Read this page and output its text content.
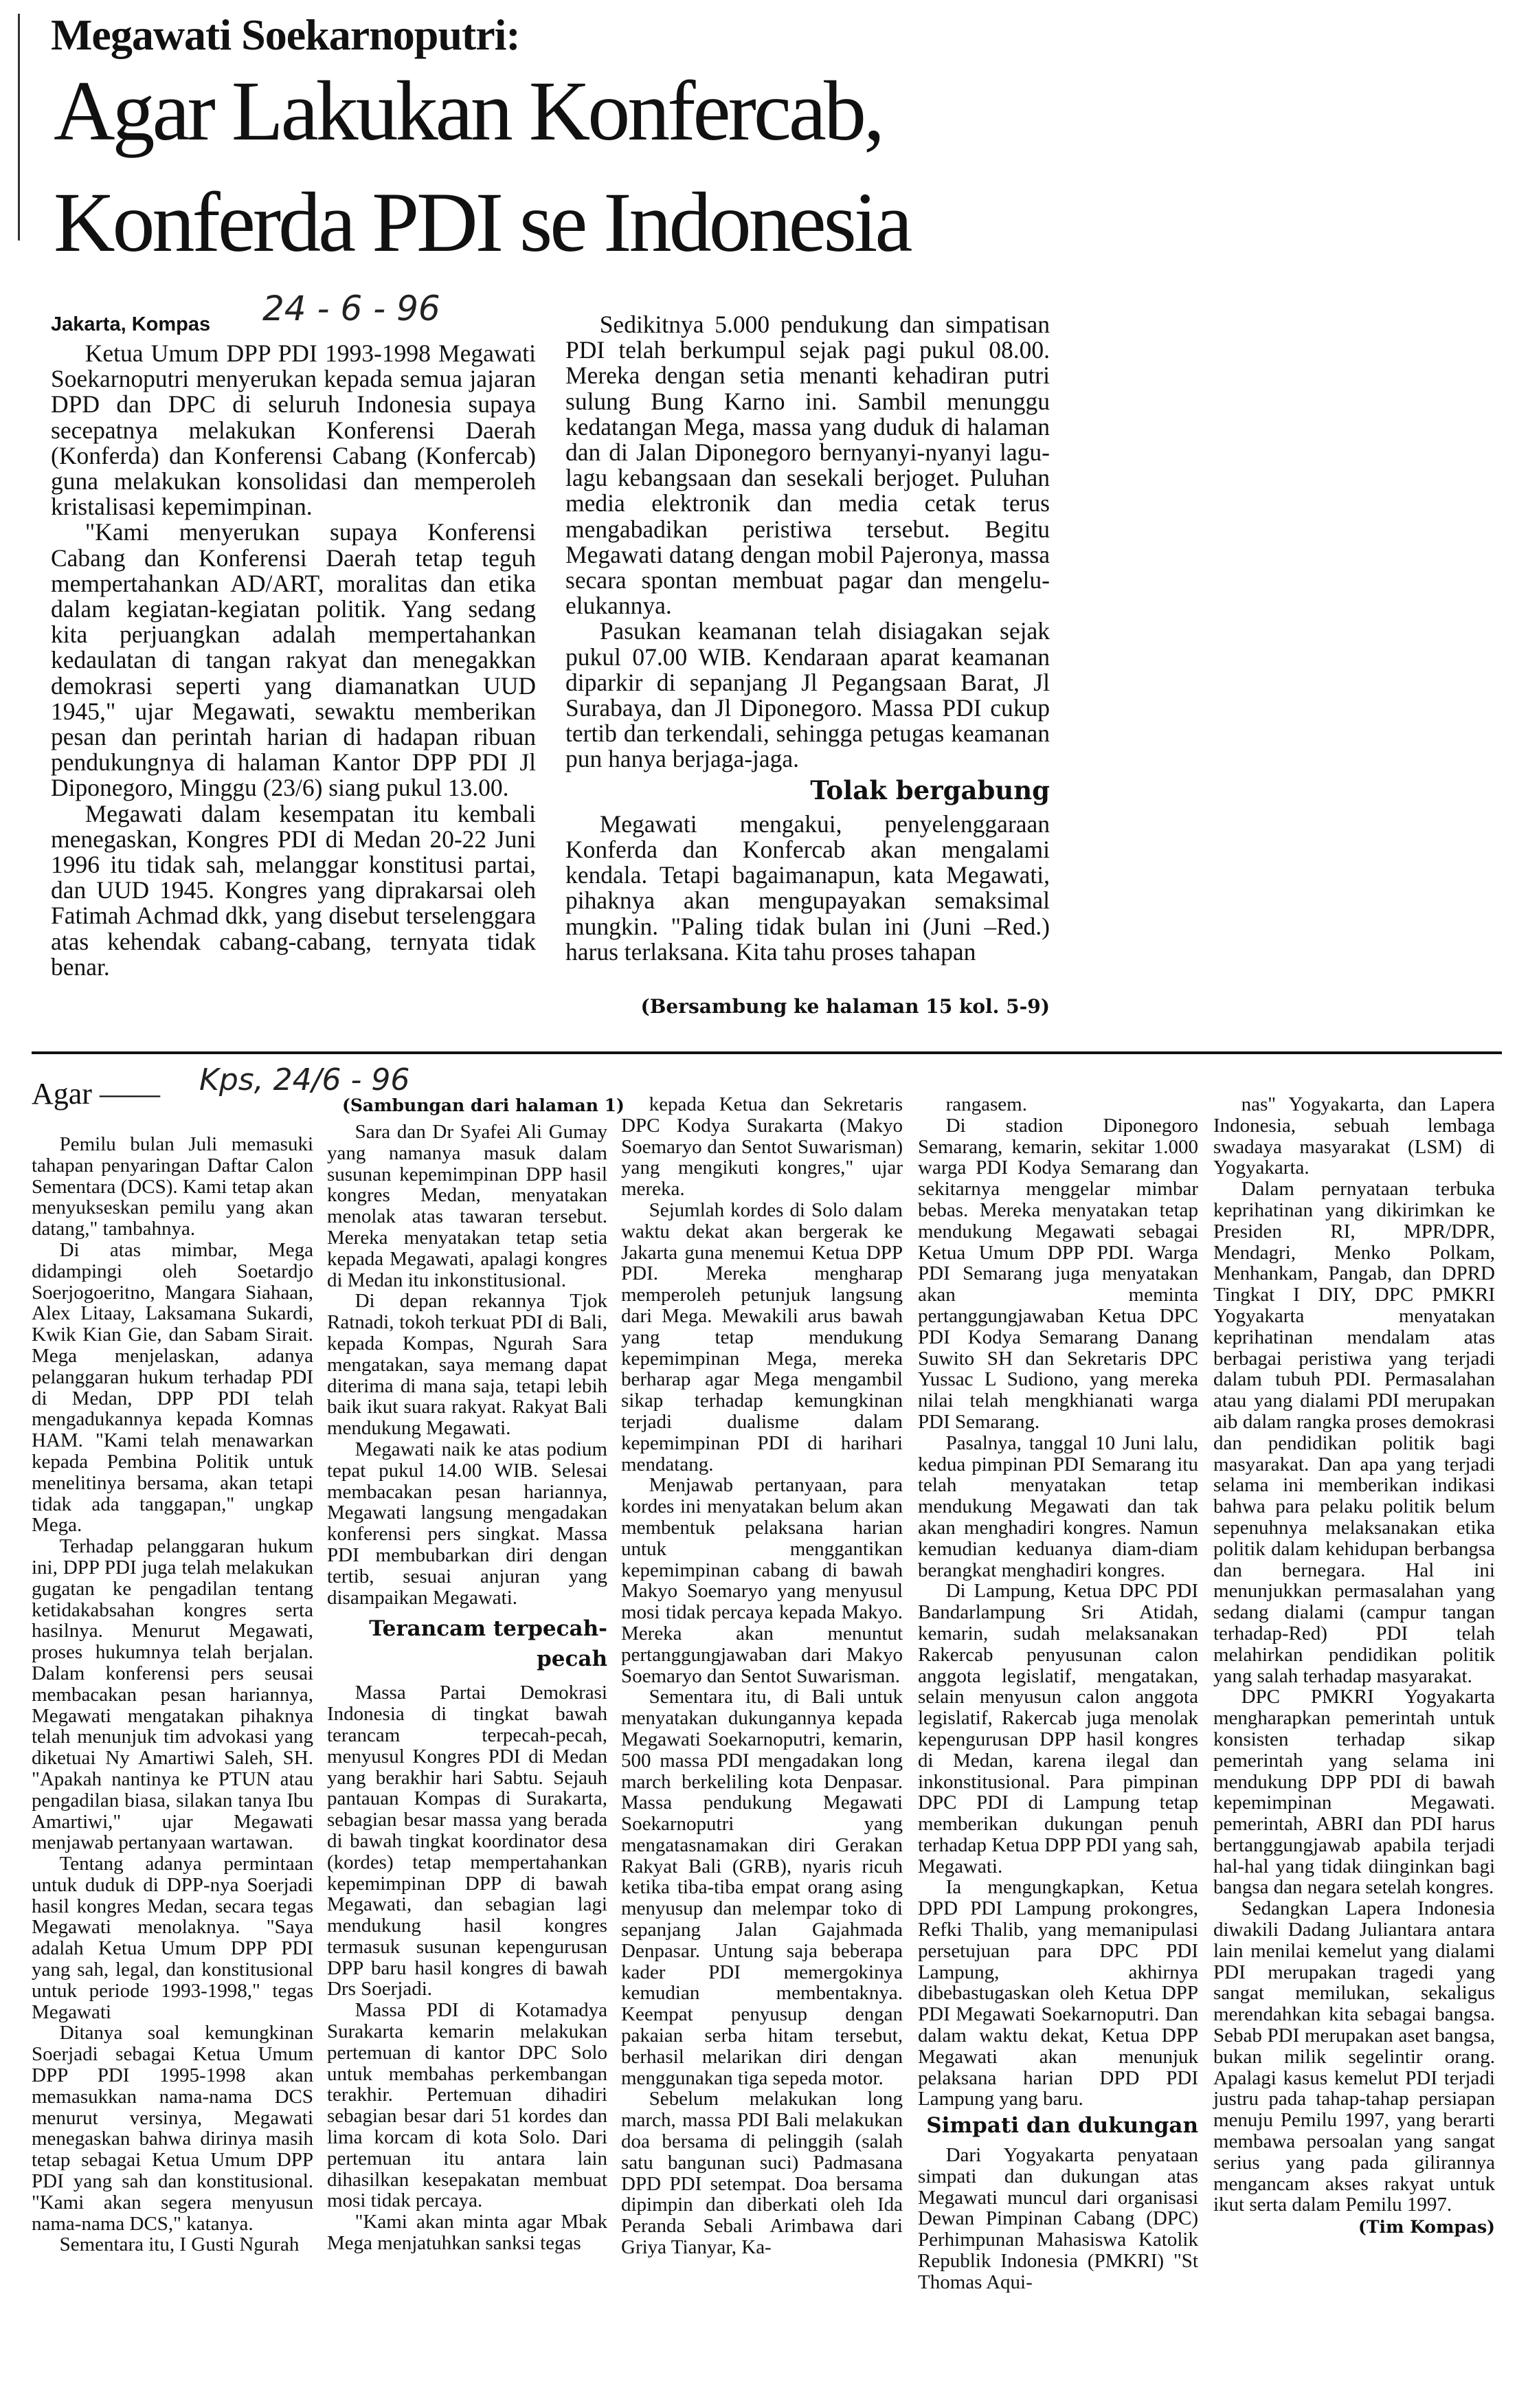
Megawati Soekarnoputri:
Agar Lakukan Konfercab,
Konferda PDI se Indonesia
Jakarta, Kompas 24 - 6 - 96

Ketua Umum DPP PDI 1993-1998 Megawati Soekarnoputri menyerukan kepada semua jajaran DPD dan DPC di seluruh Indonesia supaya secepatnya melakukan Konferensi Daerah (Konferda) dan Konferensi Cabang (Konfercab) guna melakukan konsolidasi dan memperoleh kristalisasi kepemimpinan.

"Kami menyerukan supaya Konferensi Cabang dan Konferensi Daerah tetap teguh mempertahankan AD/ART, moralitas dan etika dalam kegiatan-kegiatan politik. Yang sedang kita perjuangkan adalah mempertahankan kedaulatan di tangan rakyat dan menegakkan demokrasi seperti yang diamanatkan UUD 1945," ujar Megawati, sewaktu memberikan pesan dan perintah harian di hadapan ribuan pendukungnya di halaman Kantor DPP PDI Jl Diponegoro, Minggu (23/6) siang pukul 13.00.

Megawati dalam kesempatan itu kembali menegaskan, Kongres PDI di Medan 20-22 Juni 1996 itu tidak sah, melanggar konstitusi partai, dan UUD 1945. Kongres yang diprakarsai oleh Fatimah Achmad dkk, yang disebut terselenggara atas kehendak cabang-cabang, ternyata tidak benar.

Sedikitnya 5.000 pendukung dan simpatisan PDI telah berkumpul sejak pagi pukul 08.00. Mereka dengan setia menanti kehadiran putri sulung Bung Karno ini. Sambil menunggu kedatangan Mega, massa yang duduk di halaman dan di Jalan Diponegoro bernyanyi-nyanyi lagu-lagu kebangsaan dan sesekali berjoget. Puluhan media elektronik dan media cetak terus mengabadikan peristiwa tersebut. Begitu Megawati datang dengan mobil Pajeronya, massa secara spontan membuat pagar dan mengelu-elukannya.

Pasukan keamanan telah disiagakan sejak pukul 07.00 WIB. Kendaraan aparat keamanan diparkir di sepanjang Jl Pegangsaan Barat, Jl Surabaya, dan Jl Diponegoro. Massa PDI cukup tertib dan terkendali, sehingga petugas keamanan pun hanya berjaga-jaga.

Tolak bergabung

Megawati mengakui, penyelenggaraan Konferda dan Konfercab akan mengalami kendala. Tetapi bagaimanapun, kata Megawati, pihaknya akan mengupayakan semaksimal mungkin. "Paling tidak bulan ini (Juni –Red.) harus terlaksana. Kita tahu proses tahapan

(Bersambung ke halaman 15 kol. 5-9)
Agar —— Kps, 24/6 - 96
(Sambungan dari halaman 1)

Pemilu bulan Juli memasuki tahapan penyaringan Daftar Calon Sementara (DCS). Kami tetap akan menyukseskan pemilu yang akan datang," tambahnya.

Di atas mimbar, Mega didampingi oleh Soetardjo Soerjogoeritno, Mangara Siahaan, Alex Litaay, Laksamana Sukardi, Kwik Kian Gie, dan Sabam Sirait. Mega menjelaskan, adanya pelanggaran hukum terhadap PDI di Medan, DPP PDI telah mengadukannya kepada Komnas HAM. "Kami telah menawarkan kepada Pembina Politik untuk menelitinya bersama, akan tetapi tidak ada tanggapan," ungkap Mega.

Terhadap pelanggaran hukum ini, DPP PDI juga telah melakukan gugatan ke pengadilan tentang ketidakabsahan kongres serta hasilnya. Menurut Megawati, proses hukumnya telah berjalan. Dalam konferensi pers seusai membacakan pesan hariannya, Megawati mengatakan pihaknya telah menunjuk tim advokasi yang diketuai Ny Amartiwi Saleh, SH. "Apakah nantinya ke PTUN atau pengadilan biasa, silakan tanya Ibu Amartiwi," ujar Megawati menjawab pertanyaan wartawan.

Tentang adanya permintaan untuk duduk di DPP-nya Soerjadi hasil kongres Medan, secara tegas Megawati menolaknya. "Saya adalah Ketua Umum DPP PDI yang sah, legal, dan konstitusional untuk periode 1993-1998," tegas Megawati

Ditanya soal kemungkinan Soerjadi sebagai Ketua Umum DPP PDI 1995-1998 akan memasukkan nama-nama DCS menurut versinya, Megawati menegaskan bahwa dirinya masih tetap sebagai Ketua Umum DPP PDI yang sah dan konstitusional. "Kami akan segera menyusun nama-nama DCS," katanya.

Sementara itu, I Gusti Ngurah

Sara dan Dr Syafei Ali Gumay yang namanya masuk dalam susunan kepemimpinan DPP hasil kongres Medan, menyatakan menolak atas tawaran tersebut. Mereka menyatakan tetap setia kepada Megawati, apalagi kongres di Medan itu inkonstitusional.

Di depan rekannya Tjok Ratnadi, tokoh terkuat PDI di Bali, kepada Kompas, Ngurah Sara mengatakan, saya memang dapat diterima di mana saja, tetapi lebih baik ikut suara rakyat. Rakyat Bali mendukung Megawati.

Megawati naik ke atas podium tepat pukul 14.00 WIB. Selesai membacakan pesan hariannya, Megawati langsung mengadakan konferensi pers singkat. Massa PDI membubarkan diri dengan tertib, sesuai anjuran yang disampaikan Megawati.

Terancam terpecah-pecah

Massa Partai Demokrasi Indonesia di tingkat bawah terancam terpecah-pecah, menyusul Kongres PDI di Medan yang berakhir hari Sabtu. Sejauh pantauan Kompas di Surakarta, sebagian besar massa yang berada di bawah tingkat koordinator desa (kordes) tetap mempertahankan kepemimpinan DPP di bawah Megawati, dan sebagian lagi mendukung hasil kongres termasuk susunan kepengurusan DPP baru hasil kongres di bawah Drs Soerjadi.

Massa PDI di Kotamadya Surakarta kemarin melakukan pertemuan di kantor DPC Solo untuk membahas perkembangan terakhir. Pertemuan dihadiri sebagian besar dari 51 kordes dan lima korcam di kota Solo. Dari pertemuan itu antara lain dihasilkan kesepakatan membuat mosi tidak percaya.

"Kami akan minta agar Mbak Mega menjatuhkan sanksi tegas

kepada Ketua dan Sekretaris DPC Kodya Surakarta (Makyo Soemaryo dan Sentot Suwarisman) yang mengikuti kongres," ujar mereka.

Sejumlah kordes di Solo dalam waktu dekat akan bergerak ke Jakarta guna menemui Ketua DPP PDI. Mereka mengharap memperoleh petunjuk langsung dari Mega. Mewakili arus bawah yang tetap mendukung kepemimpinan Mega, mereka berharap agar Mega mengambil sikap terhadap kemungkinan terjadi dualisme dalam kepemimpinan PDI di harihari mendatang.

Menjawab pertanyaan, para kordes ini menyatakan belum akan membentuk pelaksana harian untuk menggantikan kepemimpinan cabang di bawah Makyo Soemaryo yang menyusul mosi tidak percaya kepada Makyo. Mereka akan menuntut pertanggungjawaban dari Makyo Soemaryo dan Sentot Suwarisman.

Sementara itu, di Bali untuk menyatakan dukungannya kepada Megawati Soekarnoputri, kemarin, 500 massa PDI mengadakan long march berkeliling kota Denpasar. Massa pendukung Megawati Soekarnoputri yang mengatasnamakan diri Gerakan Rakyat Bali (GRB), nyaris ricuh ketika tiba-tiba empat orang asing menyusup dan melempar toko di sepanjang Jalan Gajahmada Denpasar. Untung saja beberapa kader PDI memergokinya kemudian membentaknya. Keempat penyusup dengan pakaian serba hitam tersebut, berhasil melarikan diri dengan menggunakan tiga sepeda motor.

Sebelum melakukan long march, massa PDI Bali melakukan doa bersama di pelinggih (salah satu bangunan suci) Padmasana DPD PDI setempat. Doa bersama dipimpin dan diberkati oleh Ida Peranda Sebali Arimbawa dari Griya Tianyar, Ka-

rangasem.

Di stadion Diponegoro Semarang, kemarin, sekitar 1.000 warga PDI Kodya Semarang dan sekitarnya menggelar mimbar bebas. Mereka menyatakan tetap mendukung Megawati sebagai Ketua Umum DPP PDI. Warga PDI Semarang juga menyatakan akan meminta pertanggungjawaban Ketua DPC PDI Kodya Semarang Danang Suwito SH dan Sekretaris DPC Yussac L Sudiono, yang mereka nilai telah mengkhianati warga PDI Semarang.

Pasalnya, tanggal 10 Juni lalu, kedua pimpinan PDI Semarang itu telah menyatakan tetap mendukung Megawati dan tak akan menghadiri kongres. Namun kemudian keduanya diam-diam berangkat menghadiri kongres.

Di Lampung, Ketua DPC PDI Bandarlampung Sri Atidah, kemarin, sudah melaksanakan Rakercab penyusunan calon anggota legislatif, mengatakan, selain menyusun calon anggota legislatif, Rakercab juga menolak kepengurusan DPP hasil kongres di Medan, karena ilegal dan inkonstitusional. Para pimpinan DPC PDI di Lampung tetap memberikan dukungan penuh terhadap Ketua DPP PDI yang sah, Megawati.

Ia mengungkapkan, Ketua DPD PDI Lampung prokongres, Refki Thalib, yang memanipulasi persetujuan para DPC PDI Lampung, akhirnya dibebastugaskan oleh Ketua DPP PDI Megawati Soekarnoputri. Dan dalam waktu dekat, Ketua DPP Megawati akan menunjuk pelaksana harian DPD PDI Lampung yang baru.

Simpati dan dukungan

Dari Yogyakarta penyataan simpati dan dukungan atas Megawati muncul dari organisasi Dewan Pimpinan Cabang (DPC) Perhimpunan Mahasiswa Katolik Republik Indonesia (PMKRI) "St Thomas Aqui-

nas" Yogyakarta, dan Lapera Indonesia, sebuah lembaga swadaya masyarakat (LSM) di Yogyakarta.

Dalam pernyataan terbuka keprihatinan yang dikirimkan ke Presiden RI, MPR/DPR, Mendagri, Menko Polkam, Menhankam, Pangab, dan DPRD Tingkat I DIY, DPC PMKRI Yogyakarta menyatakan keprihatinan mendalam atas berbagai peristiwa yang terjadi dalam tubuh PDI. Permasalahan atau yang dialami PDI merupakan aib dalam rangka proses demokrasi dan pendidikan politik bagi masyarakat. Dan apa yang terjadi selama ini memberikan indikasi bahwa para pelaku politik belum sepenuhnya melaksanakan etika politik dalam kehidupan berbangsa dan bernegara. Hal ini menunjukkan permasalahan yang sedang dialami (campur tangan terhadap-Red) PDI telah melahirkan pendidikan politik yang salah terhadap masyarakat.

DPC PMKRI Yogyakarta mengharapkan pemerintah untuk konsisten terhadap sikap pemerintah yang selama ini mendukung DPP PDI di bawah kepemimpinan Megawati. pemerintah, ABRI dan PDI harus bertanggungjawab apabila terjadi hal-hal yang tidak diinginkan bagi bangsa dan negara setelah kongres.

Sedangkan Lapera Indonesia diwakili Dadang Juliantara antara lain menilai kemelut yang dialami PDI merupakan tragedi yang sangat memilukan, sekaligus merendahkan kita sebagai bangsa. Sebab PDI merupakan aset bangsa, bukan milik segelintir orang. Apalagi kasus kemelut PDI terjadi justru pada tahap-tahap persiapan menuju Pemilu 1997, yang berarti membawa persoalan yang sangat serius yang pada gilirannya mengancam akses rakyat untuk ikut serta dalam Pemilu 1997.

(Tim Kompas)
